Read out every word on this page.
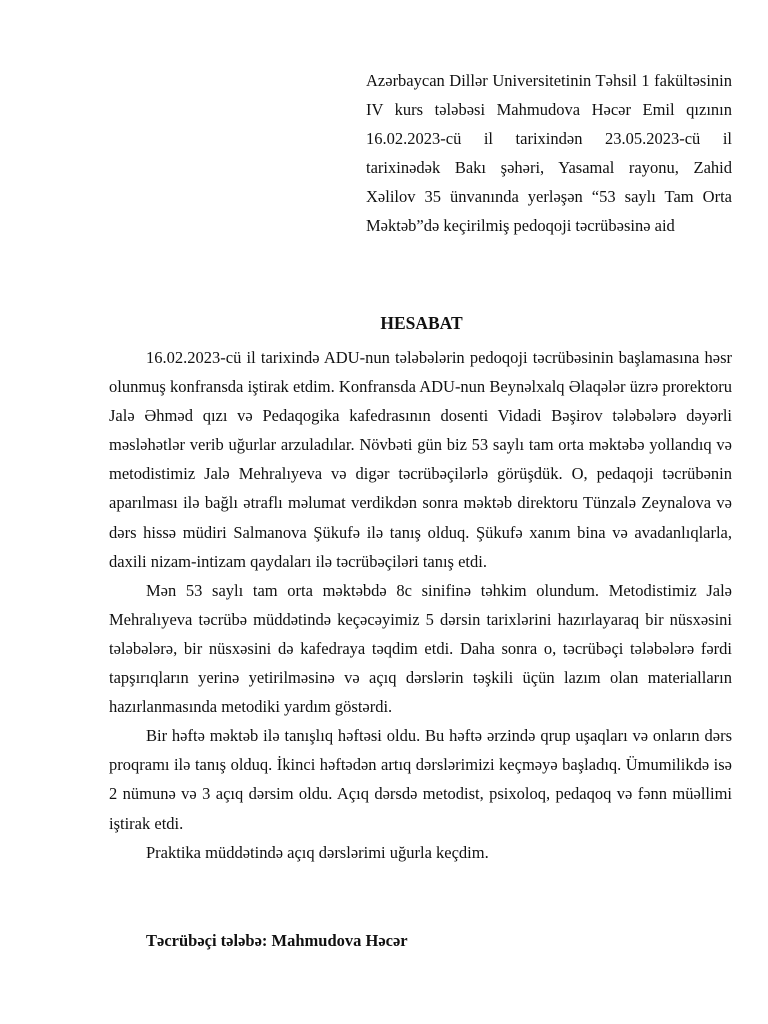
Azərbaycan Dillər Universitetinin Təhsil 1 fakültəsinin IV kurs tələbəsi Mahmudova Həcər Emil qızının 16.02.2023-cü il tarixindən 23.05.2023-cü il tarixinədək Bakı şəhəri, Yasamal rayonu, Zahid Xəlilov 35 ünvanında yerləşən “53 saylı Tam Orta Məktəb”də keçirilmiş pedoqoji təcrübəsinə aid

HESABAT

16.02.2023-cü il tarixində ADU-nun tələbələrin pedoqoji təcrübəsinin başlamasına həsr olunmuş konfransda iştirak etdim. Konfransda ADU-nun Beynəlxalq Əlaqələr üzrə prorektoru Jalə Əhməd qızı və Pedaqogika kafedrasının dosenti Vidadi Bəşirov tələbələrə dəyərli məsləhətlər verib uğurlar arzuladılar. Növbəti gün biz 53 saylı tam orta məktəbə yollandıq və metodistimiz Jalə Mehralıyeva və digər təcrübəçilərlə görüşdük. O, pedaqoji təcrübənin aparılması ilə bağlı ətraflı məlumat verdikdən sonra məktəb direktoru Tünzalə Zeynalova və dərs hissə müdiri Salmanova Şükufə ilə tanış olduq. Şükufə xanım bina və avadanlıqlarla, daxili nizam-intizam qaydaları ilə təcrübəçiləri tanış etdi.

Mən 53 saylı tam orta məktəbdə 8c sinifinə təhkim olundum. Metodistimiz Jalə Mehralıyeva təcrübə müddətində keçəcəyimiz 5 dərsin tarixlərini hazırlayaraq bir nüsxəsini tələbələrə, bir nüsxəsini də kafedraya təqdim etdi. Daha sonra o, təcrübəçi tələbələrə fərdi tapşırıqların yerinə yetirilməsinə və açıq dərslərin təşkili üçün lazım olan materialların hazırlanmasında metodiki yardım göstərdi.

Bir həftə məktəb ilə tanışlıq həftəsi oldu. Bu həftə ərzində qrup uşaqları və onların dərs proqramı ilə tanış olduq. İkinci həftədən artıq dərslərimizi keçməyə başladıq. Ümumilikdə isə 2 nümunə və 3 açıq dərsim oldu. Açıq dərsdə metodist, psixoloq, pedaqoq və fənn müəllimi iştirak etdi.

Praktika müddətində açıq dərslərimi uğurla keçdim.

Təcrübəçi tələbə: Mahmudova Həcər
